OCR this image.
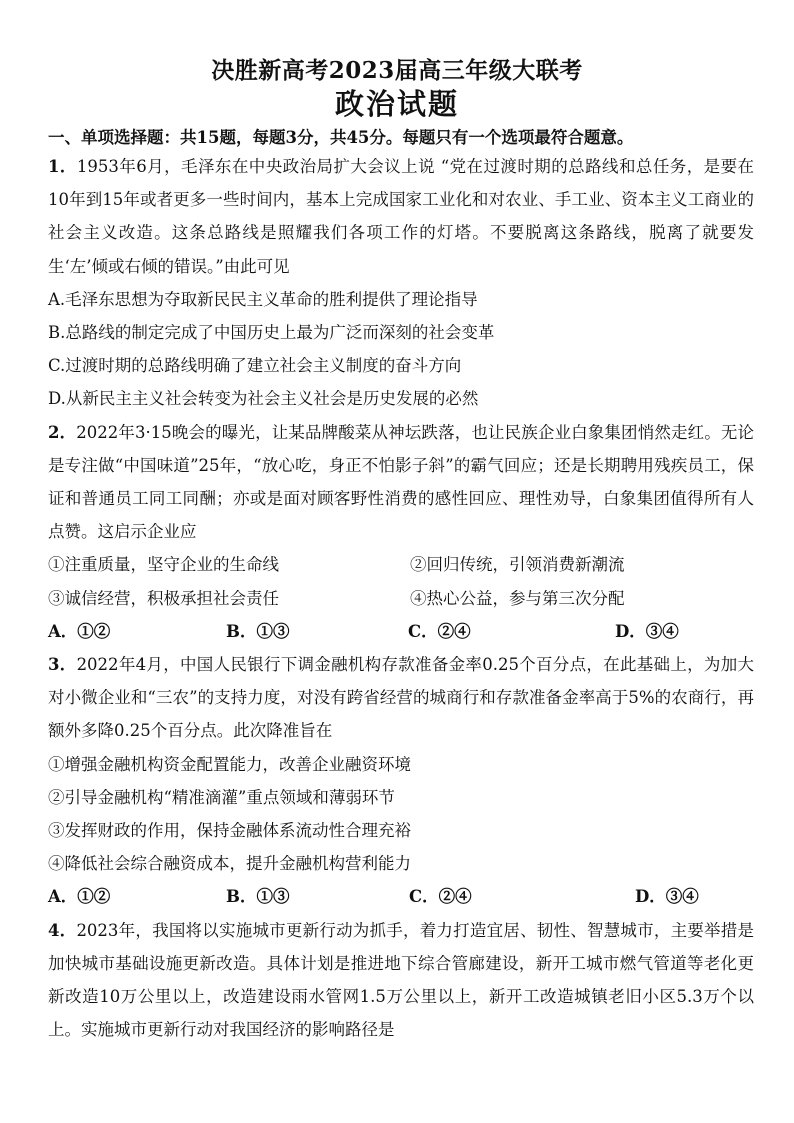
决胜新高考2023届高三年级大联考
政治试题
一、单项选择题：共15题，每题3分，共45分。每题只有一个选项最符合题意。

1．1953年6月，毛泽东在中央政治局扩大会议上说 “党在过渡时期的总路线和总任务，是要在10年到15年或者更多一些时间内，基本上完成国家工业化和对农业、手工业、资本主义工商业的社会主义改造。这条总路线是照耀我们各项工作的灯塔。不要脱离这条路线，脱离了就要发生‘左’倾或右倾的错误。”由此可见

A.毛泽东思想为夺取新民民主义革命的胜利提供了理论指导

B.总路线的制定完成了中国历史上最为广泛而深刻的社会变革

C.过渡时期的总路线明确了建立社会主义制度的奋斗方向

D.从新民主主义社会转变为社会主义社会是历史发展的必然

2．2022年3·15晚会的曝光，让某品牌酸菜从神坛跌落，也让民族企业白象集团悄然走红。无论是专注做“中国味道”25年，“放心吃，身正不怕影子斜”的霸气回应；还是长期聘用残疾员工，保证和普通员工同工同酬；亦或是面对顾客野性消费的感性回应、理性劝导，白象集团值得所有人点赞。这启示企业应

①注重质量，坚守企业的生命线	②回归传统，引领消费新潮流
③诚信经营，积极承担社会责任	④热心公益，参与第三次分配
A．①②	B．①③	C．②④	D．③④

3．2022年4月，中国人民银行下调金融机构存款准备金率0.25个百分点，在此基础上，为加大对小微企业和“三农”的支持力度，对没有跨省经营的城商行和存款准备金率高于5%的农商行，再额外多降0.25个百分点。此次降准旨在

①增强金融机构资金配置能力，改善企业融资环境

②引导金融机构“精准滴灌”重点领域和薄弱环节

③发挥财政的作用，保持金融体系流动性合理充裕

④降低社会综合融资成本，提升金融机构营利能力

A．①②	B．①③	C．②④	D．③④

4．2023年，我国将以实施城市更新行动为抓手，着力打造宜居、韧性、智慧城市，主要举措是加快城市基础设施更新改造。具体计划是推进地下综合管廊建设，新开工城市燃气管道等老化更新改造10万公里以上，改造建设雨水管网1.5万公里以上，新开工改造城镇老旧小区5.3万个以上。实施城市更新行动对我国经济的影响路径是
